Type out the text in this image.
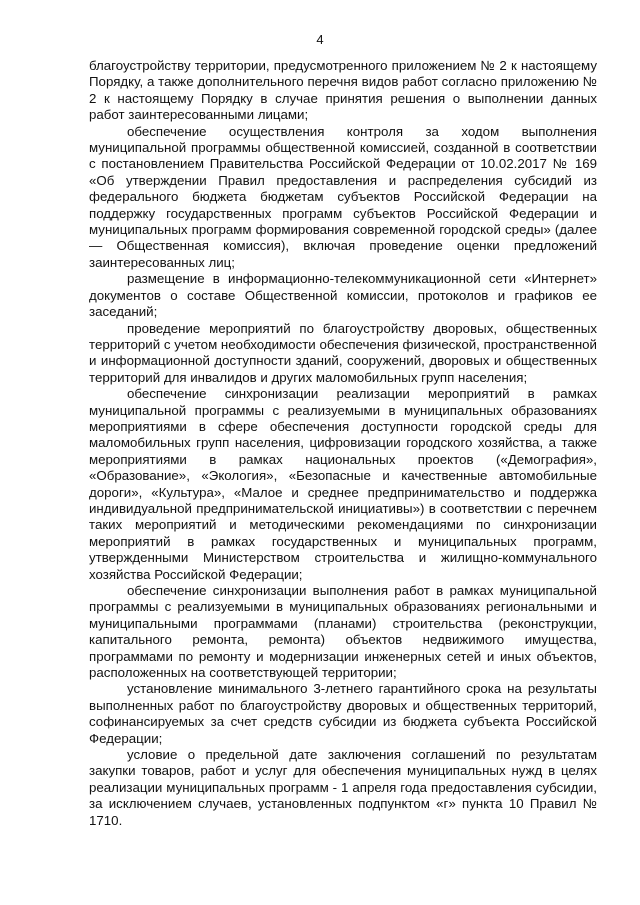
4

благоустройству территории, предусмотренного приложением № 2 к настоящему Порядку, а также дополнительного перечня видов работ согласно приложению № 2 к настоящему Порядку в случае принятия решения о выполнении данных работ заинтересованными лицами;

обеспечение осуществления контроля за ходом выполнения муниципальной программы общественной комиссией, созданной в соответствии с постановлением Правительства Российской Федерации от 10.02.2017 № 169 «Об утверждении Правил предоставления и распределения субсидий из федерального бюджета бюджетам субъектов Российской Федерации на поддержку государственных программ субъектов Российской Федерации и муниципальных программ формирования современной городской среды» (далее — Общественная комиссия), включая проведение оценки предложений заинтересованных лиц;

размещение в информационно-телекоммуникационной сети «Интернет» документов о составе Общественной комиссии, протоколов и графиков ее заседаний;

проведение мероприятий по благоустройству дворовых, общественных территорий с учетом необходимости обеспечения физической, пространственной и информационной доступности зданий, сооружений, дворовых и общественных территорий для инвалидов и других маломобильных групп населения;

обеспечение синхронизации реализации мероприятий в рамках муниципальной программы с реализуемыми в муниципальных образованиях мероприятиями в сфере обеспечения доступности городской среды для маломобильных групп населения, цифровизации городского хозяйства, а также мероприятиями в рамках национальных проектов («Демография», «Образование», «Экология», «Безопасные и качественные автомобильные дороги», «Культура», «Малое и среднее предпринимательство и поддержка индивидуальной предпринимательской инициативы») в соответствии с перечнем таких мероприятий и методическими рекомендациями по синхронизации мероприятий в рамках государственных и муниципальных программ, утвержденными Министерством строительства и жилищно-коммунального хозяйства Российской Федерации;

обеспечение синхронизации выполнения работ в рамках муниципальной программы с реализуемыми в муниципальных образованиях региональными и муниципальными программами (планами) строительства (реконструкции, капитального ремонта, ремонта) объектов недвижимого имущества, программами по ремонту и модернизации инженерных сетей и иных объектов, расположенных на соответствующей территории;

установление минимального 3-летнего гарантийного срока на результаты выполненных работ по благоустройству дворовых и общественных территорий, софинансируемых за счет средств субсидии из бюджета субъекта Российской Федерации;

условие о предельной дате заключения соглашений по результатам закупки товаров, работ и услуг для обеспечения муниципальных нужд в целях реализации муниципальных программ - 1 апреля года предоставления субсидии, за исключением случаев, установленных подпунктом «г» пункта 10 Правил № 1710.
